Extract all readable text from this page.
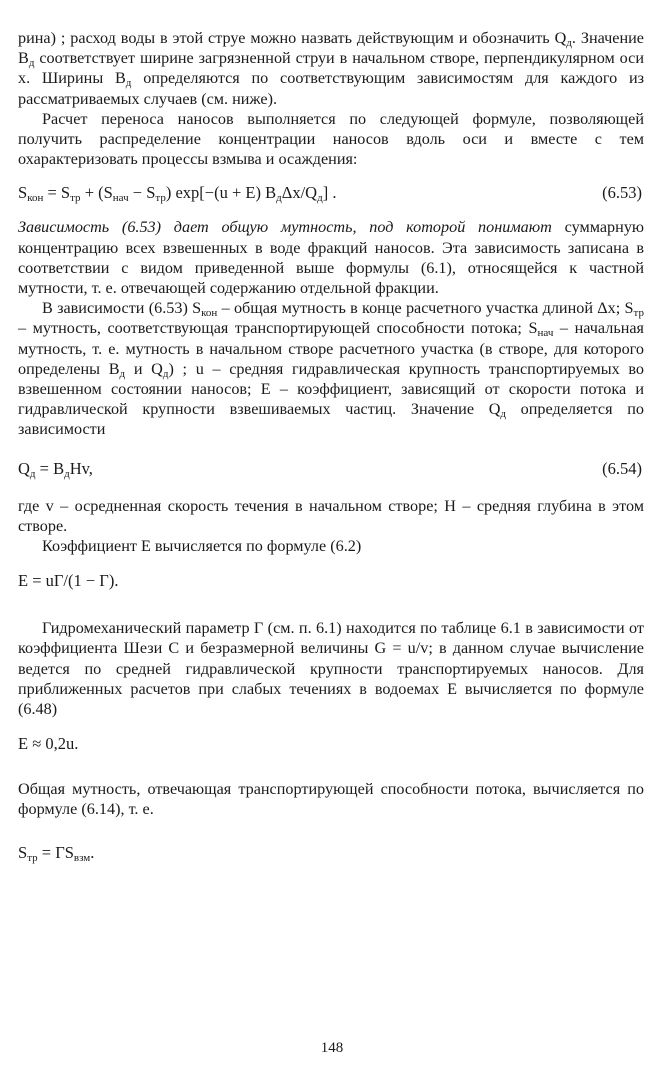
рина) ; расход воды в этой струе можно назвать действующим и обозначить $Q_д$. Значение $B_д$ соответствует ширине загрязненной струи в начальном створе, перпендикулярном оси x. Ширины $B_д$ определяются по соответствующим зависимостям для каждого из рассматриваемых случаев (см. ниже).

Расчет переноса наносов выполняется по следующей формуле, позволяющей получить распределение концентрации наносов вдоль оси и вместе с тем охарактеризовать процессы взмыва и осаждения:

$S_{кон} = S_{тр} + (S_{нач} - S_{тр}) \exp[-(u + E)$ $B_д\Delta x/Q_д$] .	(6.53)

Зависимость (6.53) дает общую мутность, под которой понимают суммарную концентрацию всех взвешенных в воде фракций наносов. Эта зависимость записана в соответствии с видом приведенной выше формулы (6.1), относящейся к частной мутности, т. е. отвечающей содержанию отдельной фракции.

В зависимости (6.53) $S_{кон}$ – общая мутность в конце расчетного участка длиной Δx; $S_{тр}$ – мутность, соответствующая транспортирующей способности потока; $S_{нач}$ – начальная мутность, т. е. мутность в начальном створе расчетного участка (в створе, для которого определены $B_д$ и $Q_д$) ; u – средняя гидравлическая крупность транспортируемых во взвешенном состоянии наносов; E – коэффициент, зависящий от скорости потока и гидравлической крупности взвешиваемых частиц. Значение $Q_д$ определяется по зависимости

$Q_д = B_дHv$,	(6.54)

где v – осредненная скорость течения в начальном створе; H – средняя глубина в этом створе.

Коэффициент E вычисляется по формуле (6.2)

E = uГ/(1 − Г).

Гидромеханический параметр Г (см. п. 6.1) находится по таблице 6.1 в зависимости от коэффициента Шези C и безразмерной величины G = u/v; в данном случае вычисление ведется по средней гидравлической крупности транспортируемых наносов. Для приближенных расчетов при слабых течениях в водоемах E вычисляется по формуле (6.48)

E ≈ 0,2u.

Общая мутность, отвечающая транспортирующей способности потока, вычисляется по формуле (6.14), т. е.

$S_{тр} = ГS_{взм}$.
148
